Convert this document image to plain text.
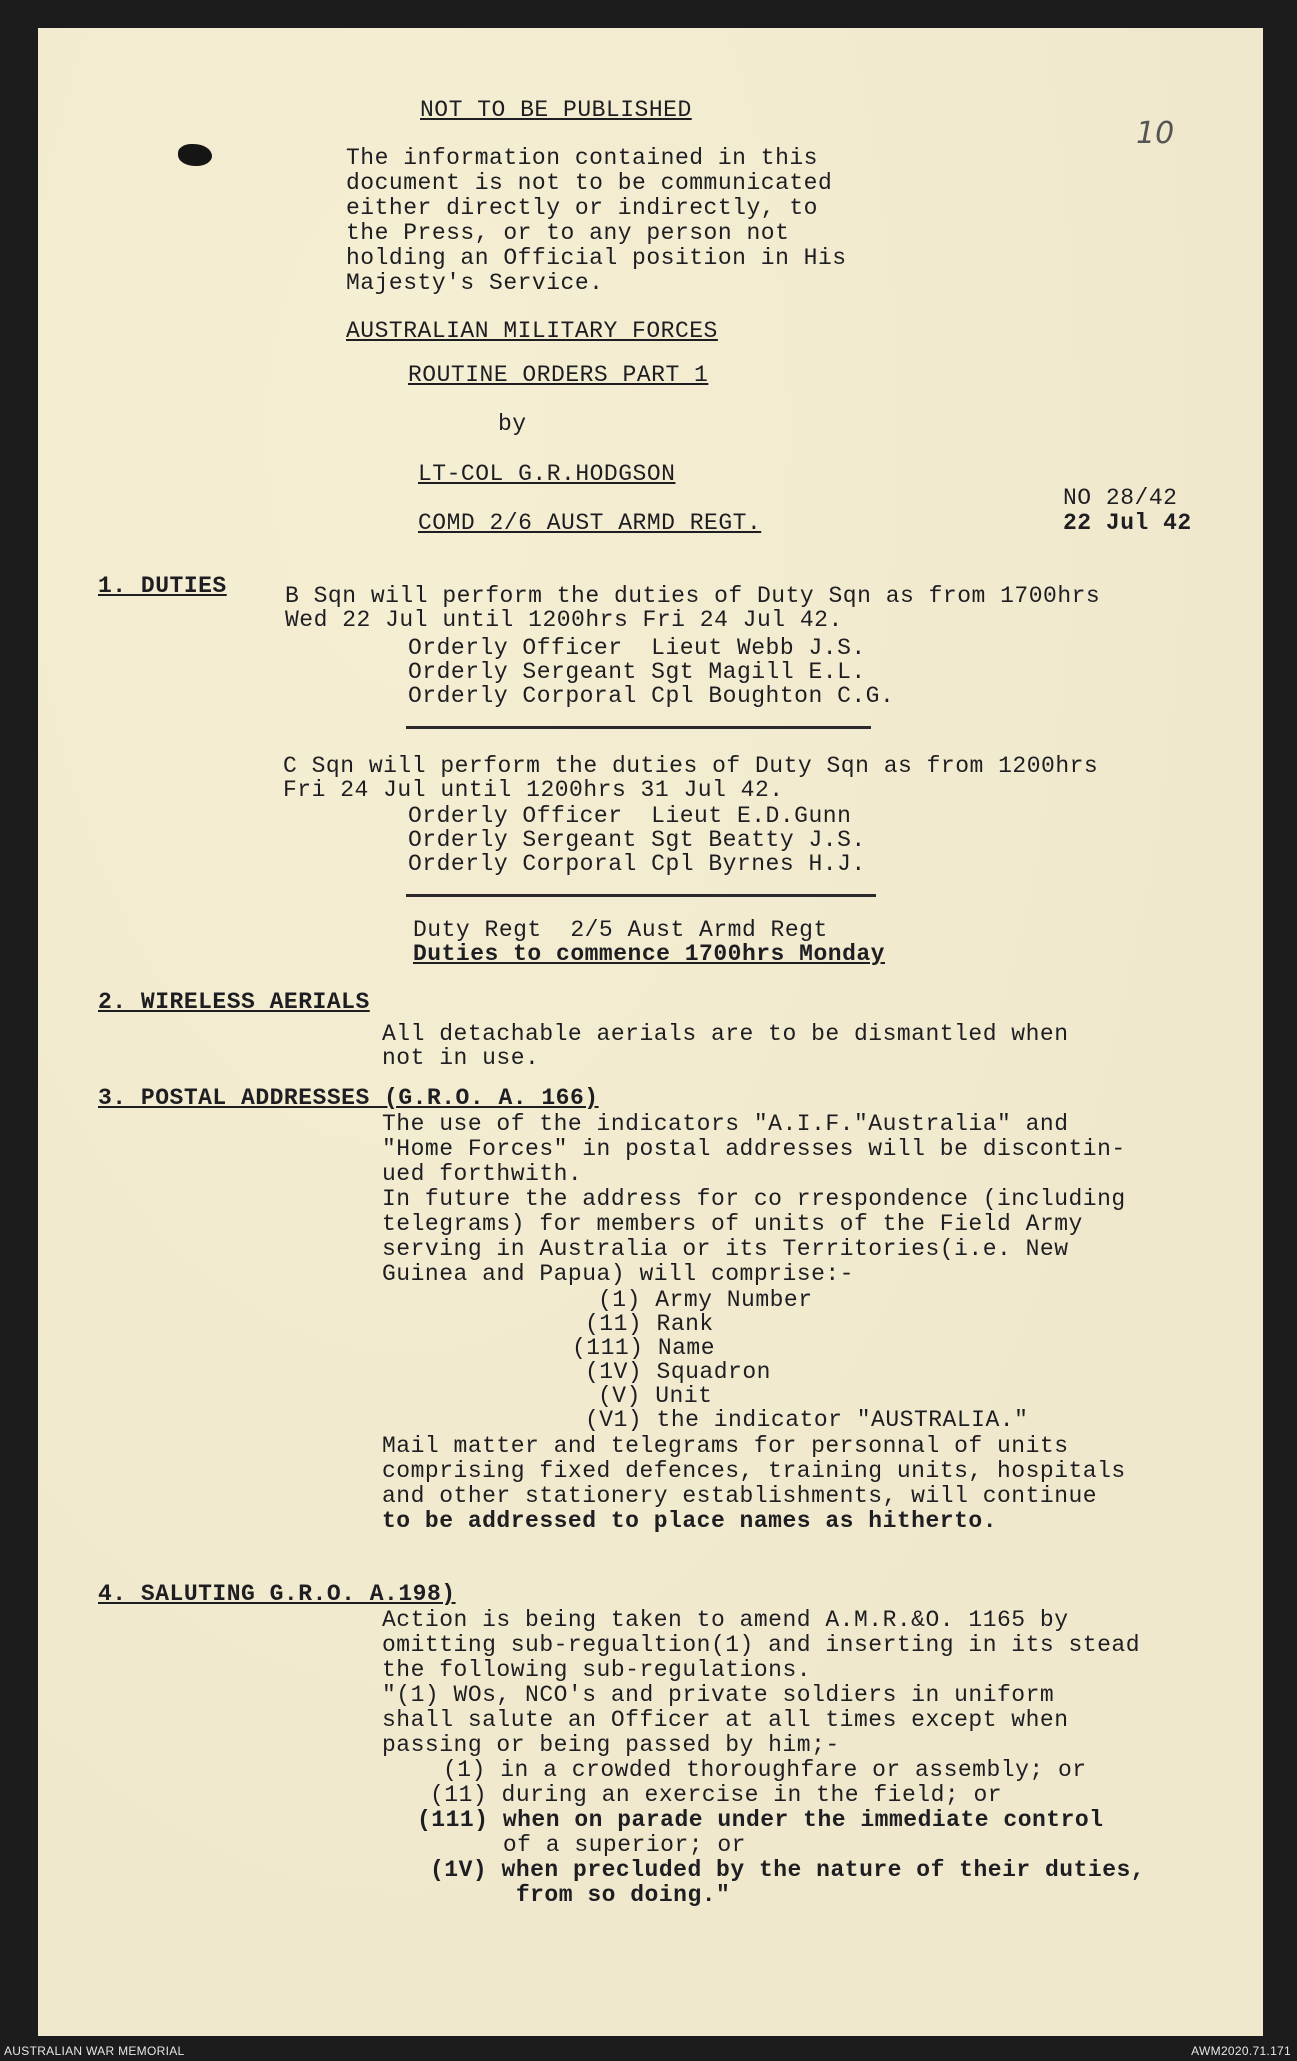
10
NOT TO BE PUBLISHED
The information contained in this
document is not to be communicated
either directly or indirectly, to
the Press, or to any person not
holding an Official position in His
Majesty's Service.
AUSTRALIAN MILITARY FORCES
ROUTINE ORDERS PART 1
by
LT-COL G.R.HODGSON
COMD 2/6 AUST ARMD REGT.
NO 28/42
22 Jul 42
1. DUTIES	B Sqn will perform the duties of Duty Sqn as from 1700hrs
Wed 22 Jul until 1200hrs Fri 24 Jul 42.
Orderly Officer  Lieut Webb J.S.
Orderly Sergeant Sgt Magill E.L.
Orderly Corporal Cpl Boughton C.G.
C Sqn will perform the duties of Duty Sqn as from 1200hrs
Fri 24 Jul until 1200hrs 31 Jul 42.
Orderly Officer  Lieut E.D.Gunn
Orderly Sergeant Sgt Beatty J.S.
Orderly Corporal Cpl Byrnes H.J.
Duty Regt  2/5 Aust Armd Regt
Duties to commence 1700hrs Monday
2. WIRELESS AERIALS
All detachable aerials are to be dismantled when
not in use.
3. POSTAL ADDRESSES (G.R.O. A. 166)
The use of the indicators "A.I.F."Australia" and
"Home Forces" in postal addresses will be discontin-
ued forthwith.
In future the address for co rrespondence (including
telegrams) for members of units of the Field Army
serving in Australia or its Territories(i.e. New
Guinea and Papua) will comprise:-
(1) Army Number
(11) Rank
(111) Name
(1V) Squadron
(V) Unit
(V1) the indicator "AUSTRALIA."
Mail matter and telegrams for personnal of units
comprising fixed defences, training units, hospitals
and other stationery establishments, will continue
to be addressed to place names as hitherto.
4. SALUTING G.R.O. A.198)
Action is being taken to amend A.M.R.&O. 1165 by
omitting sub-regualtion(1) and inserting in its stead
the following sub-regulations.
"(1) WOs, NCO's and private soldiers in uniform
shall salute an Officer at all times except when
passing or being passed by him;-
(1) in a crowded thoroughfare or assembly; or
(11) during an exercise in the field; or
(111) when on parade under the immediate control
of a superior; or
(1V) when precluded by the nature of their duties,
from so doing."
AUSTRALIAN WAR MEMORIAL	AWM2020.71.171
